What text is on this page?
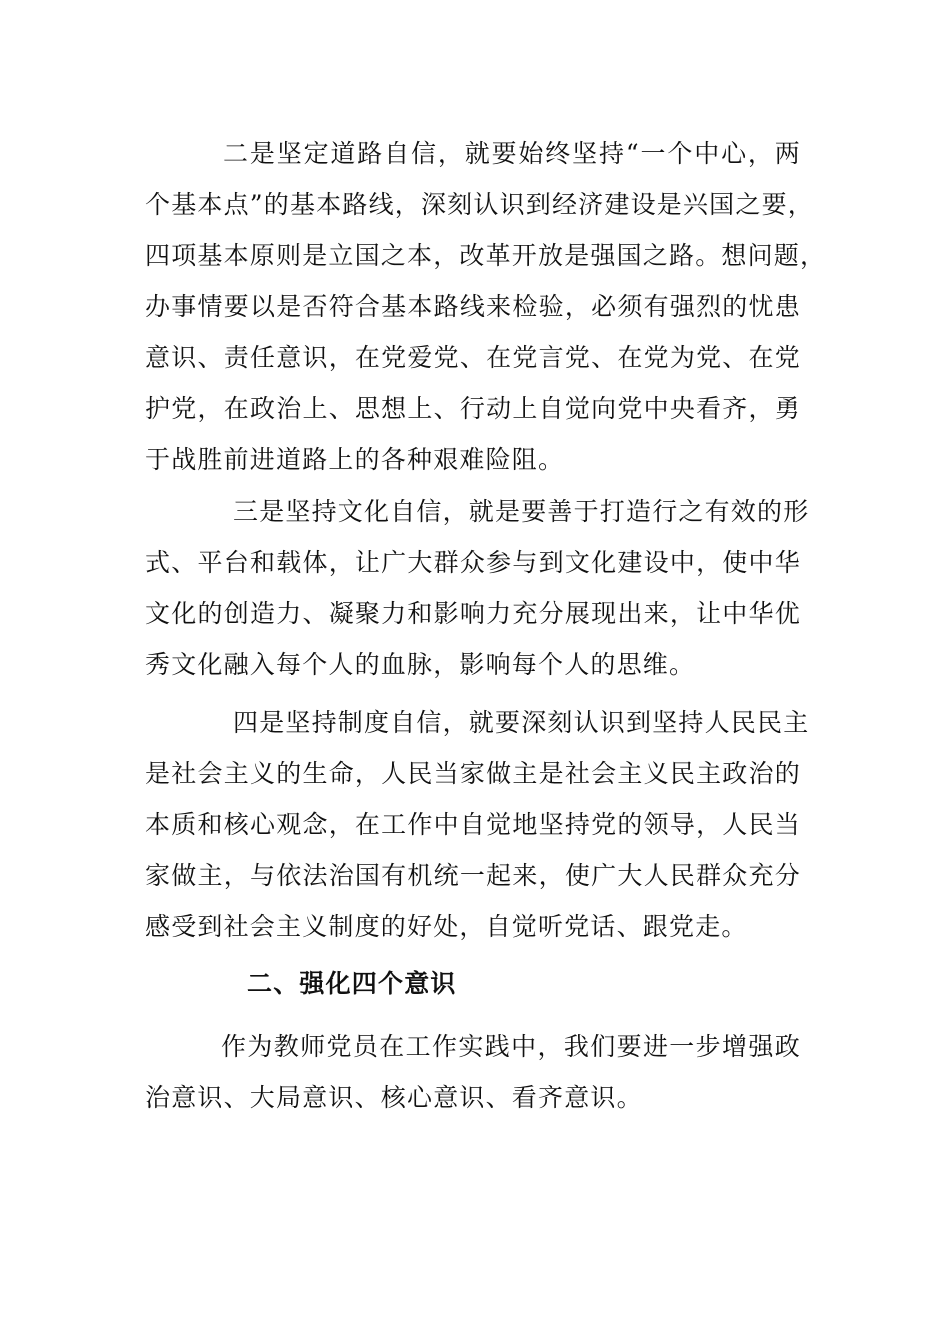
二是坚定道路自信，就要始终坚持“一个中心，两
个基本点”的基本路线，深刻认识到经济建设是兴国之要，
四项基本原则是立国之本，改革开放是强国之路。想问题，
办事情要以是否符合基本路线来检验，必须有强烈的忧患
意识、责任意识，在党爱党、在党言党、在党为党、在党
护党，在政治上、思想上、行动上自觉向党中央看齐，勇
于战胜前进道路上的各种艰难险阻。
三是坚持文化自信，就是要善于打造行之有效的形
式、平台和载体，让广大群众参与到文化建设中，使中华
文化的创造力、凝聚力和影响力充分展现出来，让中华优
秀文化融入每个人的血脉，影响每个人的思维。
四是坚持制度自信，就要深刻认识到坚持人民民主
是社会主义的生命，人民当家做主是社会主义民主政治的
本质和核心观念，在工作中自觉地坚持党的领导，人民当
家做主，与依法治国有机统一起来，使广大人民群众充分
感受到社会主义制度的好处，自觉听党话、跟党走。
二、强化四个意识
作为教师党员在工作实践中，我们要进一步增强政
治意识、大局意识、核心意识、看齐意识。
